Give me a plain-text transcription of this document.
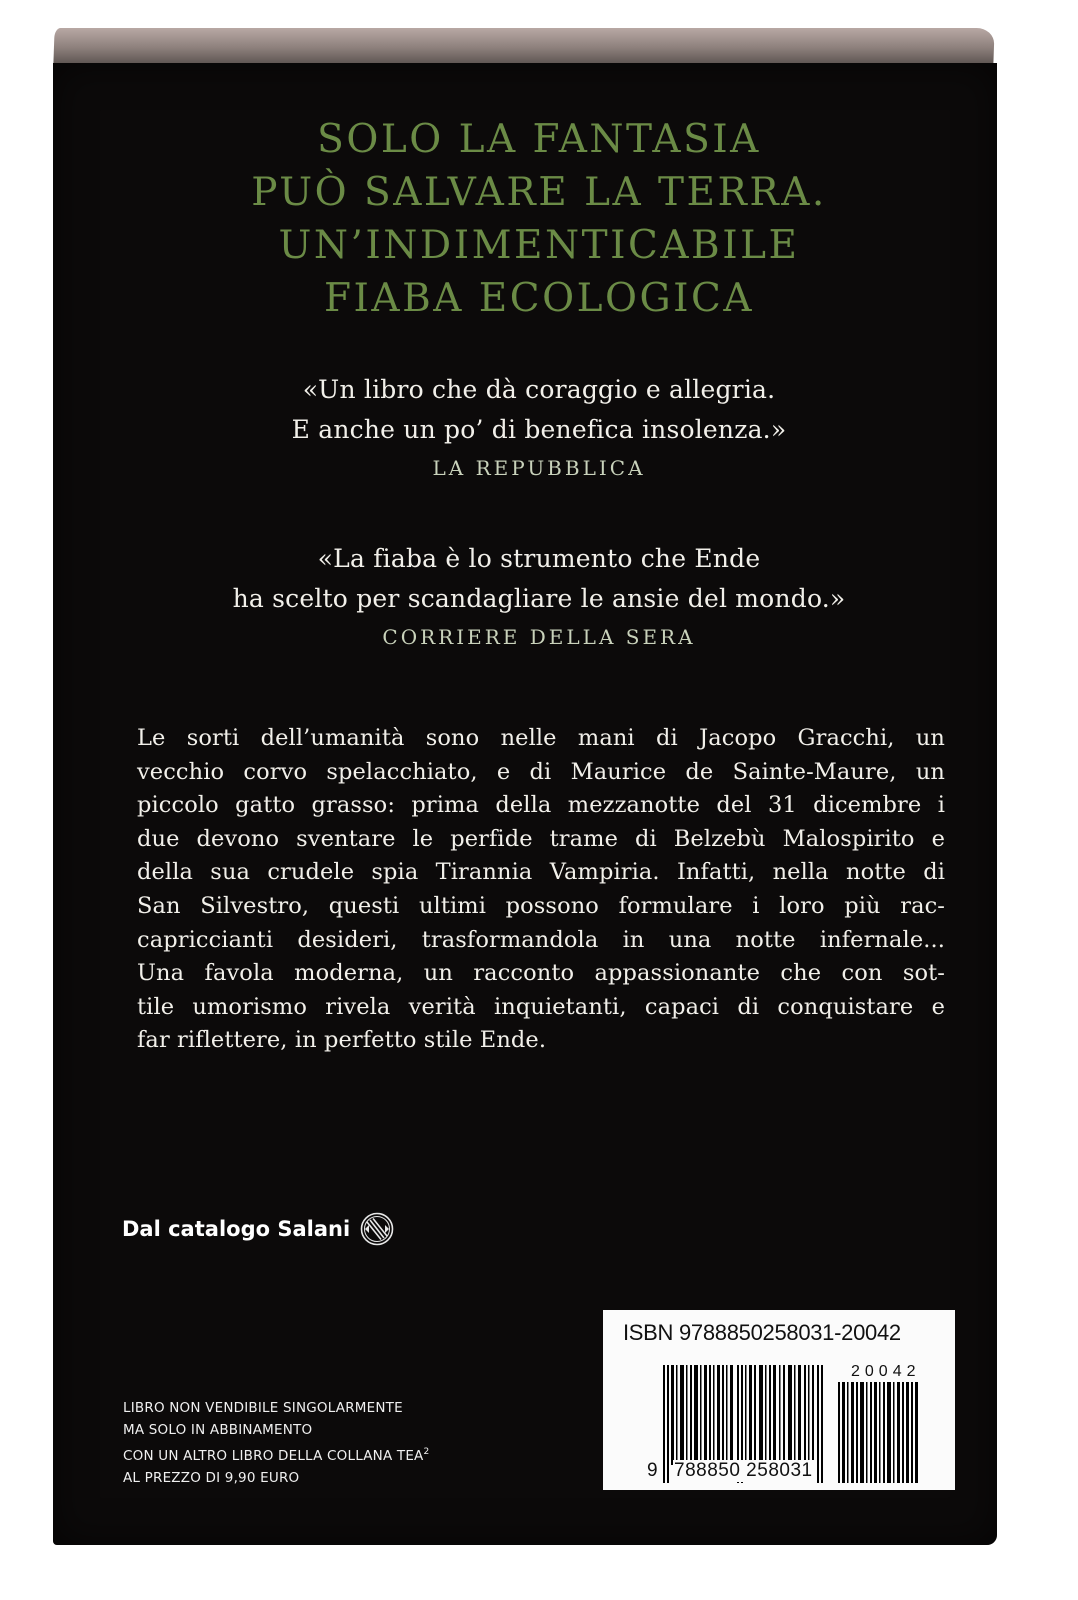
SOLO LA FANTASIA
PUÒ SALVARE LA TERRA.
UN’INDIMENTICABILE
FIABA ECOLOGICA
«Un libro che dà coraggio e allegria.
E anche un po’ di benefica insolenza.»
LA REPUBBLICA
«La fiaba è lo strumento che Ende
ha scelto per scandagliare le ansie del mondo.»
CORRIERE DELLA SERA
Le sorti dell’umanità sono nelle mani di Jacopo Gracchi, un
vecchio corvo spelacchiato, e di Maurice de Sainte-Maure, un
piccolo gatto grasso: prima della mezzanotte del 31 dicembre i
due devono sventare le perfide trame di Belzebù Malospirito e
della sua crudele spia Tirannia Vampiria. Infatti, nella notte di
San Silvestro, questi ultimi possono formulare i loro più rac-
capriccianti desideri, trasformandola in una notte infernale...
Una favola moderna, un racconto appassionante che con sot-
tile umorismo rivela verità inquietanti, capaci di conquistare e
far riflettere, in perfetto stile Ende.
Dal catalogo Salani
LIBRO NON VENDIBILE SINGOLARMENTE
MA SOLO IN ABBINAMENTO
CON UN ALTRO LIBRO DELLA COLLANA TEA$^2$
AL PREZZO DI 9,90 EURO
ISBN 9788850258031-20042
20042
9 788850 258031
